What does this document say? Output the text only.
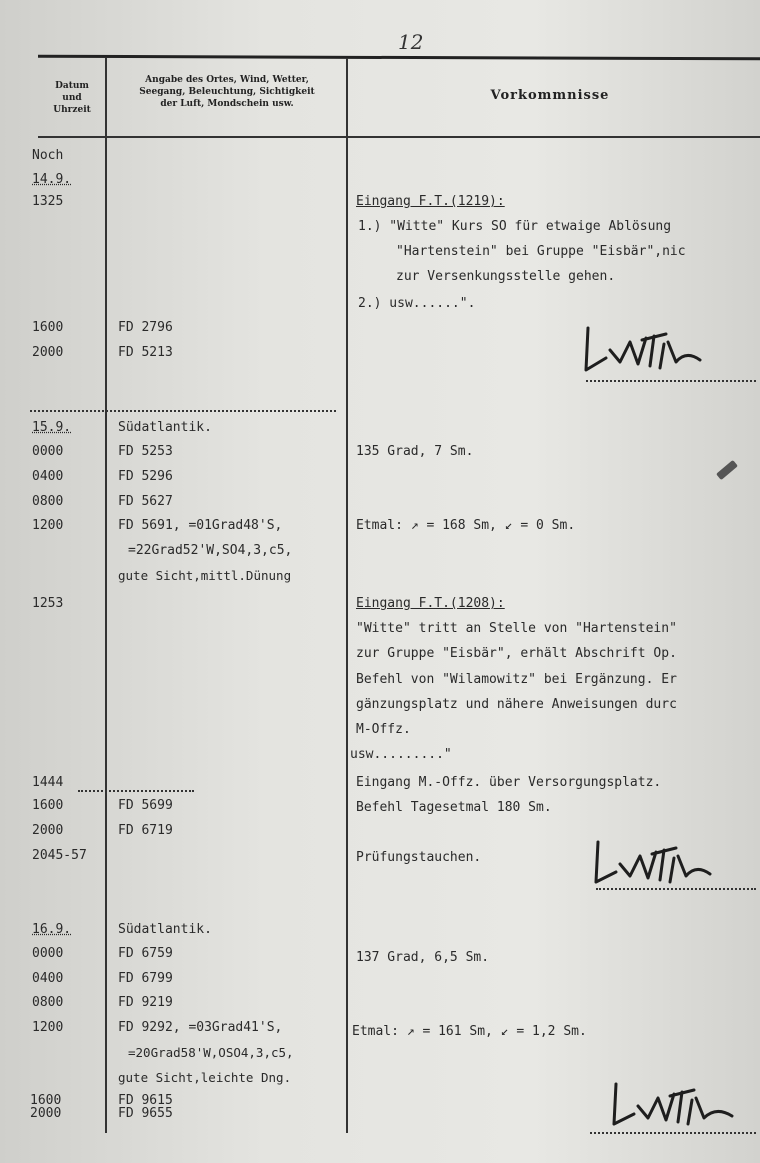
12
Datum
und
Uhrzeit
Angabe des Ortes, Wind, Wetter,
Seegang, Beleuchtung, Sichtigkeit
der Luft, Mondschein usw.
Vorkommnisse
Noch
14.9.
1325
1600
2000
15.9.
0000
0400
0800
1200
1253
1444
1600
2000
2045-57
16.9.
0000
0400
0800
1200
1600
2000
FD 2796
FD 5213
Südatlantik.
FD 5253
FD 5296
FD 5627
FD 5691, =01Grad48'S,
=22Grad52'W,SO4,3,c5,
gute Sicht,mittl.Dünung
FD 5699
FD 6719
Südatlantik.
FD 6759
FD 6799
FD 9219
FD 9292, =03Grad41'S,
=20Grad58'W,OSO4,3,c5,
gute Sicht,leichte Dng.
FD 9615
FD 9655
Eingang F.T.(1219):
1.) "Witte" Kurs SO für etwaige Ablösung
"Hartenstein" bei Gruppe "Eisbär",nic
zur Versenkungsstelle gehen.
2.) usw......".
135 Grad, 7 Sm.
Etmal: ↗ = 168 Sm, ↙ = 0 Sm.
Eingang F.T.(1208):
"Witte" tritt an Stelle von "Hartenstein"
zur Gruppe "Eisbär", erhält Abschrift Op.
Befehl von "Wilamowitz" bei Ergänzung. Er
gänzungsplatz und nähere Anweisungen durc
M-Offz.
usw........."
Eingang M.-Offz. über Versorgungsplatz.
Befehl Tagesetmal 180 Sm.
Prüfungstauchen.
137 Grad, 6,5 Sm.
Etmal: ↗ = 161 Sm, ↙ = 1,2 Sm.
